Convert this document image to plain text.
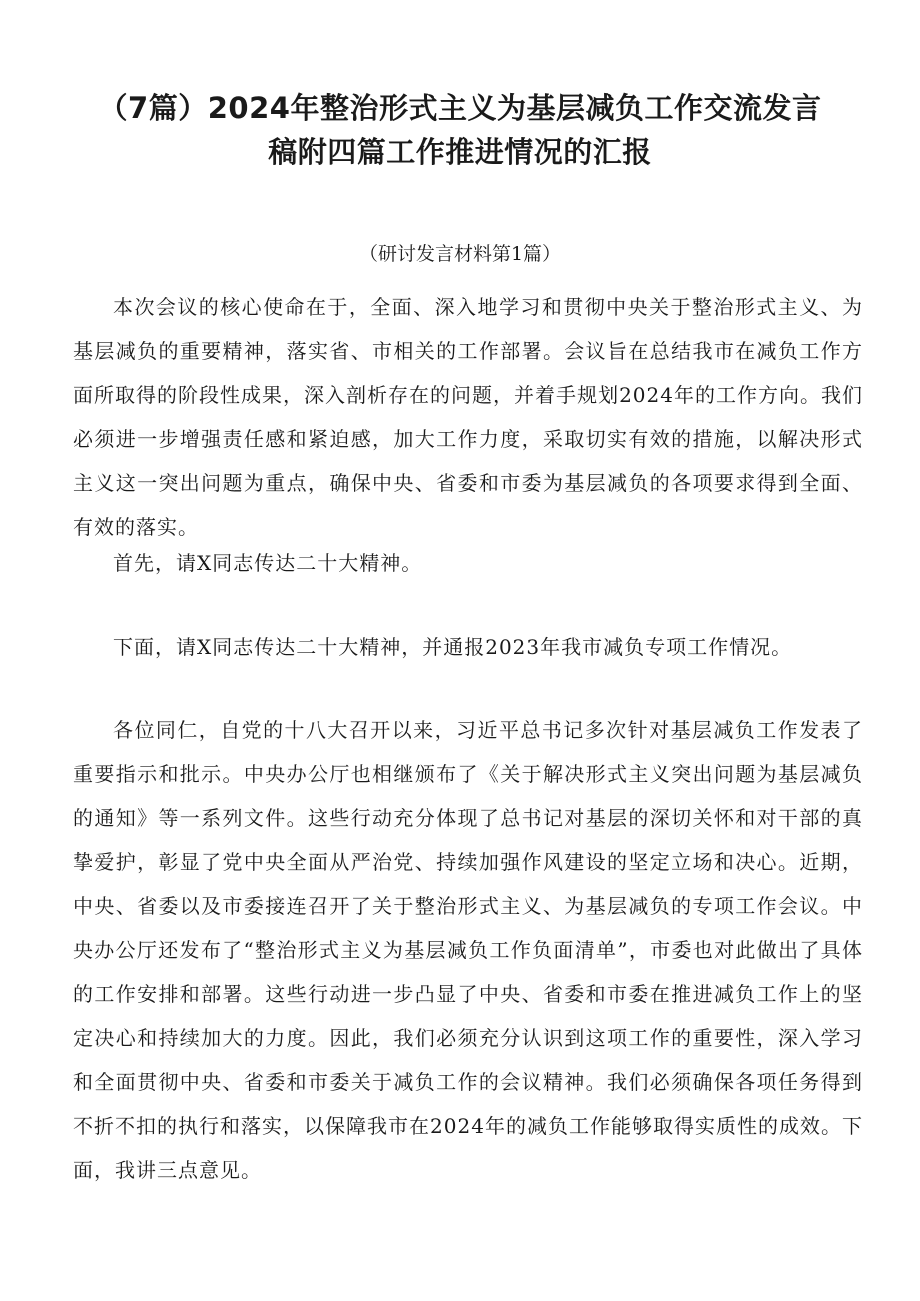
（7篇）2024年整治形式主义为基层减负工作交流发言
稿附四篇工作推进情况的汇报

（研讨发言材料第1篇）

本次会议的核心使命在于，全面、深入地学习和贯彻中央关于整治形式主义、为基层减负的重要精神，落实省、市相关的工作部署。会议旨在总结我市在减负工作方面所取得的阶段性成果，深入剖析存在的问题，并着手规划2024年的工作方向。我们必须进一步增强责任感和紧迫感，加大工作力度，采取切实有效的措施，以解决形式主义这一突出问题为重点，确保中央、省委和市委为基层减负的各项要求得到全面、有效的落实。

首先，请X同志传达二十大精神。

下面，请X同志传达二十大精神，并通报2023年我市减负专项工作情况。

各位同仁，自党的十八大召开以来，习近平总书记多次针对基层减负工作发表了重要指示和批示。中央办公厅也相继颁布了《关于解决形式主义突出问题为基层减负的通知》等一系列文件。这些行动充分体现了总书记对基层的深切关怀和对干部的真挚爱护，彰显了党中央全面从严治党、持续加强作风建设的坚定立场和决心。近期，中央、省委以及市委接连召开了关于整治形式主义、为基层减负的专项工作会议。中央办公厅还发布了“整治形式主义为基层减负工作负面清单”，市委也对此做出了具体的工作安排和部署。这些行动进一步凸显了中央、省委和市委在推进减负工作上的坚定决心和持续加大的力度。因此，我们必须充分认识到这项工作的重要性，深入学习和全面贯彻中央、省委和市委关于减负工作的会议精神。我们必须确保各项任务得到不折不扣的执行和落实，以保障我市在2024年的减负工作能够取得实质性的成效。下面，我讲三点意见。
